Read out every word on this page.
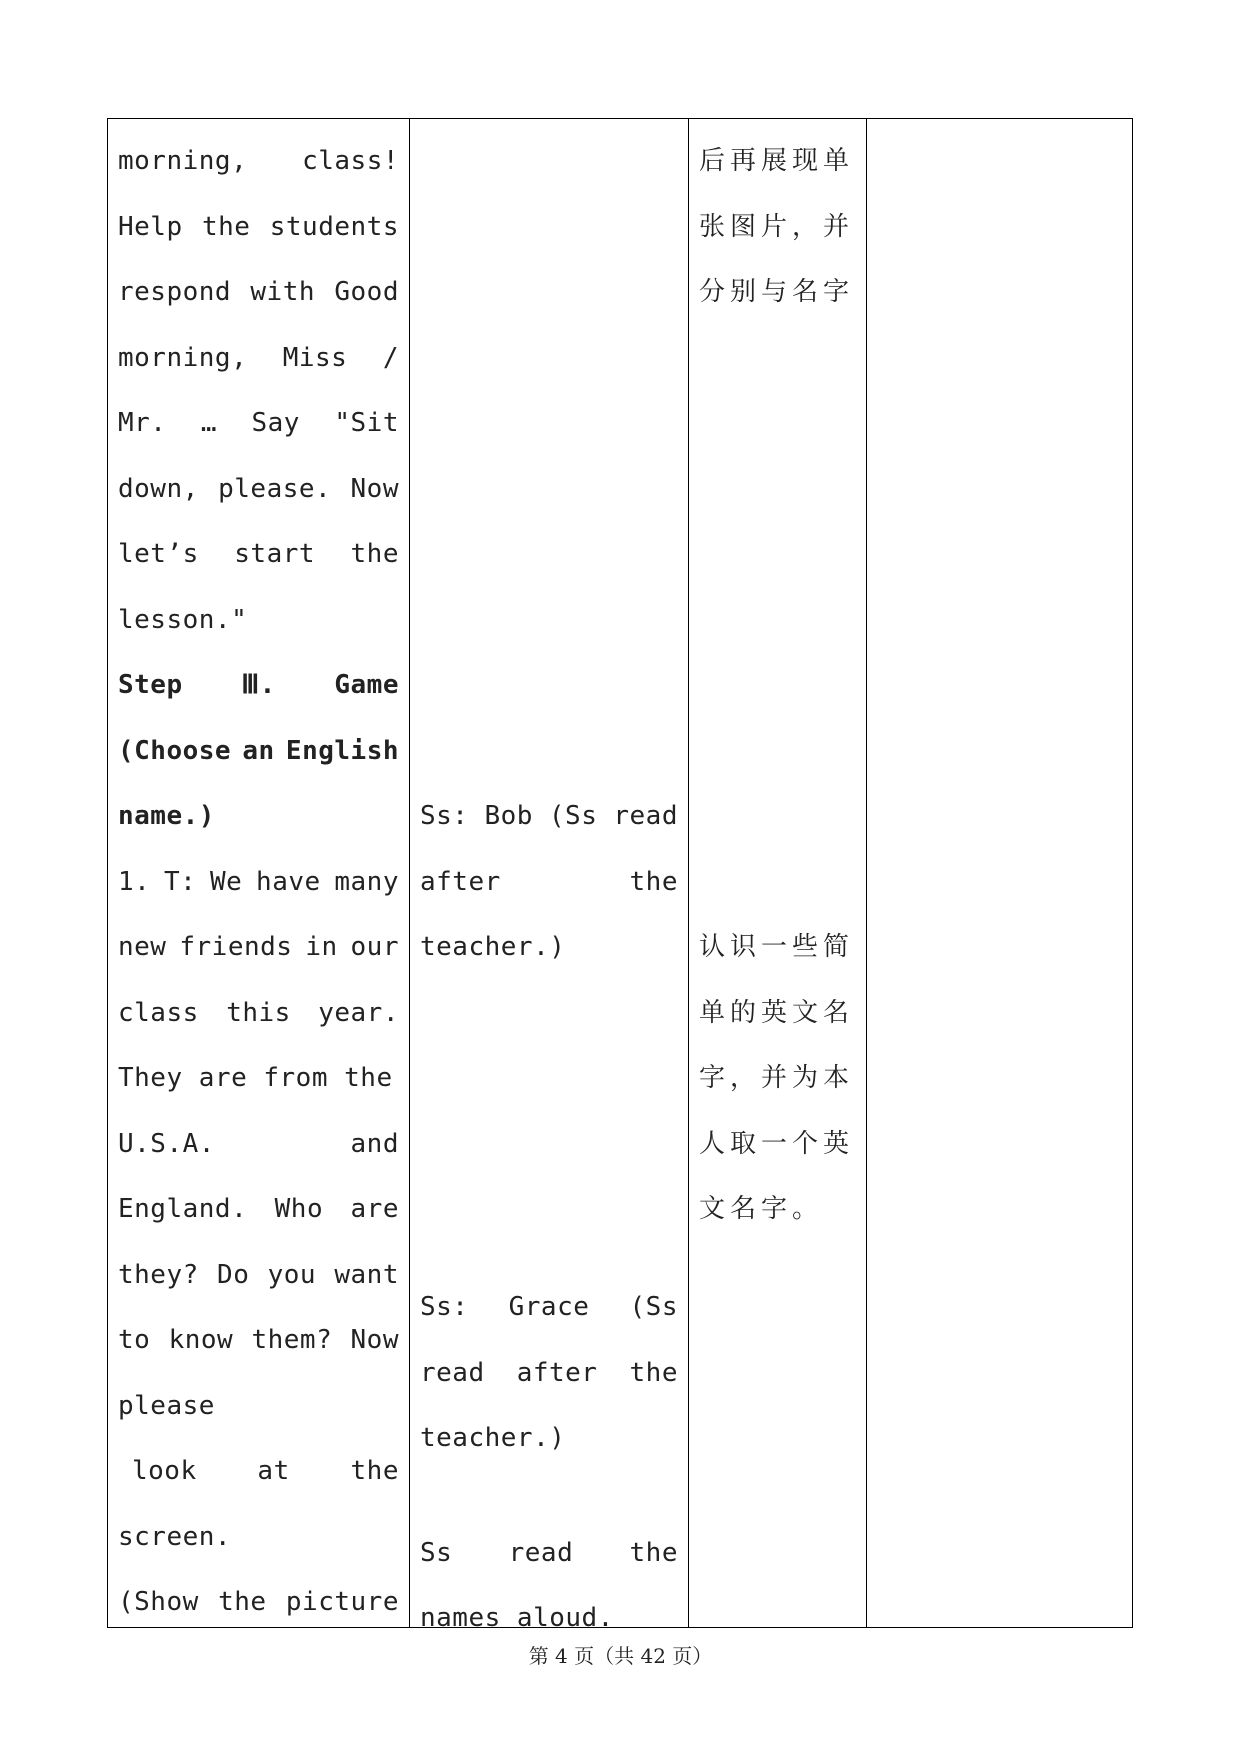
morning, class!
Help the students
respond with Good
morning, Miss /
Mr. … Say "Sit
down, please. Now
let’s start the
lesson."
Step Ⅲ. Game
(Choose an English
name.)
1. T: We have many
new friends in our
class this year.
They are from the
U.S.A.	and
England. Who are
they? Do you want
to know them? Now
please
look at the
screen.
(Show the picture

Ss: Bob (Ss read
after	the
teacher.)
Ss: Grace (Ss
read after the
teacher.)
Ss read the
names aloud.

后再展现单
张图片，并
分别与名字
认识一些简
单的英文名
字，并为本
人取一个英
文名字。

第 4 页（共 42 页）
